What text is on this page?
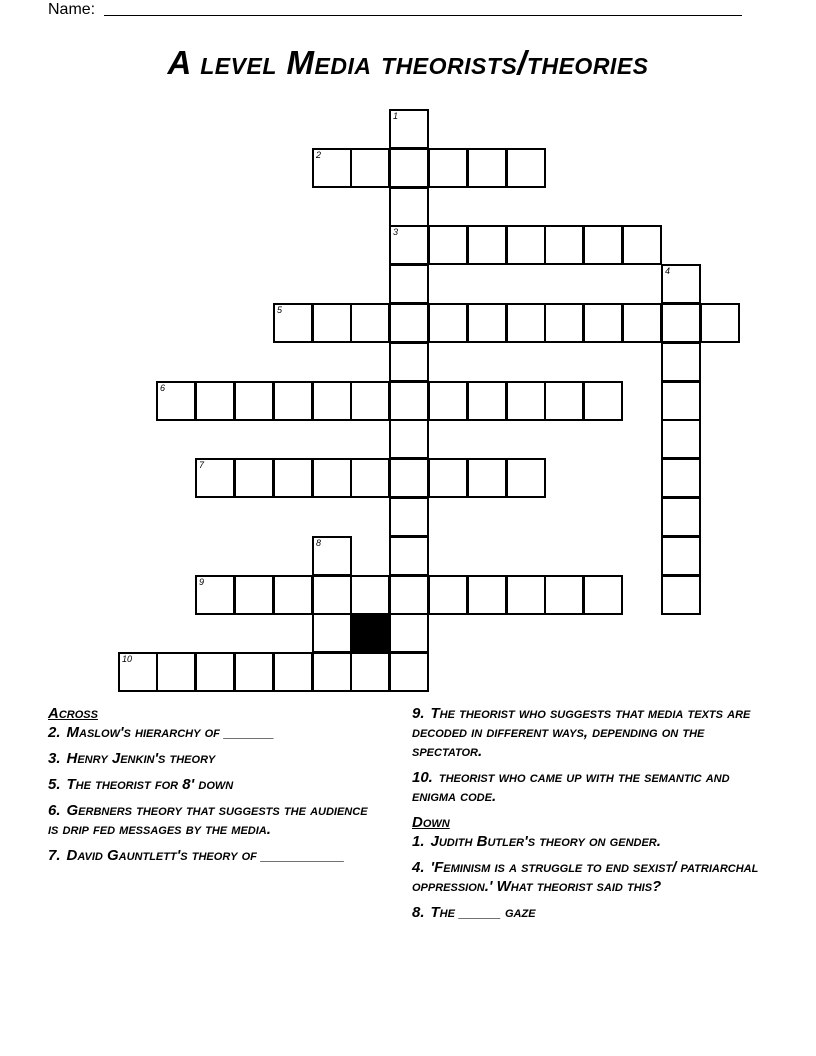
Name:
A level Media theorists/theories
1
2
3
4
5
6
7
8
9
10
Across
2. Maslow's hierarchy of ______
3. Henry Jenkin's theory
5. The theorist for 8' down
6. Gerbners theory that suggests the audience is drip fed messages by the media.
7. David Gauntlett's theory of __________
9. The theorist who suggests that media texts are decoded in different ways, depending on the spectator.
10. theorist who came up with the semantic and enigma code.
Down
1. Judith Butler's theory on gender.
4. 'Feminism is a struggle to end sexist/ patriarchal oppression.' What theorist said this?
8. The _____ gaze
